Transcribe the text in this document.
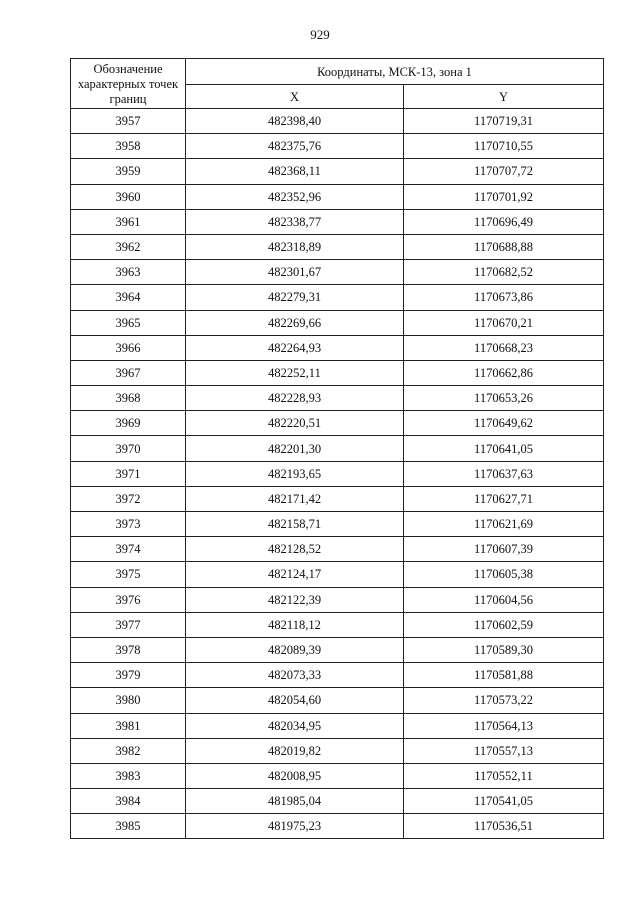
929
Обозначение характерных точек границ	Координаты, МСК-13, зона 1	
	X	Y
3957	482398,40	1170719,31
3958	482375,76	1170710,55
3959	482368,11	1170707,72
3960	482352,96	1170701,92
3961	482338,77	1170696,49
3962	482318,89	1170688,88
3963	482301,67	1170682,52
3964	482279,31	1170673,86
3965	482269,66	1170670,21
3966	482264,93	1170668,23
3967	482252,11	1170662,86
3968	482228,93	1170653,26
3969	482220,51	1170649,62
3970	482201,30	1170641,05
3971	482193,65	1170637,63
3972	482171,42	1170627,71
3973	482158,71	1170621,69
3974	482128,52	1170607,39
3975	482124,17	1170605,38
3976	482122,39	1170604,56
3977	482118,12	1170602,59
3978	482089,39	1170589,30
3979	482073,33	1170581,88
3980	482054,60	1170573,22
3981	482034,95	1170564,13
3982	482019,82	1170557,13
3983	482008,95	1170552,11
3984	481985,04	1170541,05
3985	481975,23	1170536,51
